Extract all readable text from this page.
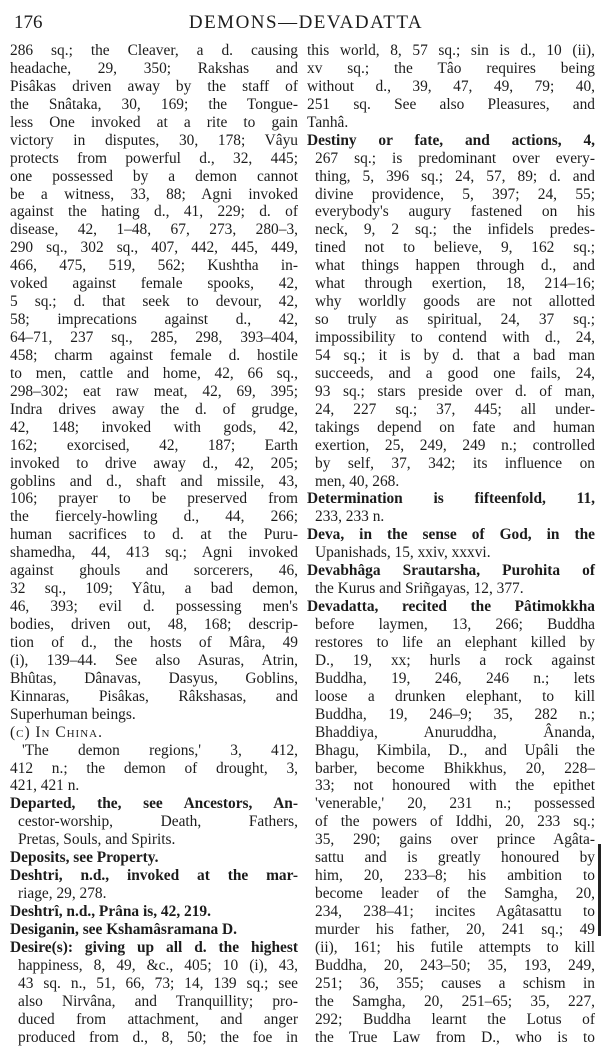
176	DEMONS—DEVADATTA
286 sq.; the Cleaver, a d. causing
headache, 29, 350; Rakshas and
Pisâkas driven away by the staff of
the Snâtaka, 30, 169; the Tongue-
less One invoked at a rite to gain
victory in disputes, 30, 178; Vâyu
protects from powerful d., 32, 445;
one possessed by a demon cannot
be a witness, 33, 88; Agni invoked
against the hating d., 41, 229; d. of
disease, 42, 1–48, 67, 273, 280–3,
290 sq., 302 sq., 407, 442, 445, 449,
466, 475, 519, 562; Kushtha in-
voked against female spooks, 42,
5 sq.; d. that seek to devour, 42,
58; imprecations against d., 42,
64–71, 237 sq., 285, 298, 393–404,
458; charm against female d. hostile
to men, cattle and home, 42, 66 sq.,
298–302; eat raw meat, 42, 69, 395;
Indra drives away the d. of grudge,
42, 148; invoked with gods, 42,
162; exorcised, 42, 187; Earth
invoked to drive away d., 42, 205;
goblins and d., shaft and missile, 43,
106; prayer to be preserved from
the fiercely-howling d., 44, 266;
human sacrifices to d. at the Puru-
shamedha, 44, 413 sq.; Agni invoked
against ghouls and sorcerers, 46,
32 sq., 109; Yâtu, a bad demon,
46, 393; evil d. possessing men's
bodies, driven out, 48, 168; descrip-
tion of d., the hosts of Mâra, 49
(i), 139–44. See also Asuras, Atrin,
Bhûtas, Dânavas, Dasyus, Goblins,
Kinnaras, Pisâkas, Râkshasas, and
Superhuman beings.
(c) In China.
'The demon regions,' 3, 412,
412 n.; the demon of drought, 3,
421, 421 n.
Departed, the, see Ancestors, An-
cestor-worship, Death, Fathers,
Pretas, Souls, and Spirits.
Deposits, see Property.
Deshtri, n.d., invoked at the mar-
riage, 29, 278.
Deshtrî, n.d., Prâna is, 42, 219.
Desiganin, see Kshamâsramana D.
Desire(s): giving up all d. the highest
happiness, 8, 49, &c., 405; 10 (i), 43,
43 sq. n., 51, 66, 73; 14, 139 sq.; see
also Nirvâna, and Tranquillity; pro-
duced from attachment, and anger
produced from d., 8, 50; the foe in
this world, 8, 57 sq.; sin is d., 10 (ii),
xv sq.; the Tâo requires being
without d., 39, 47, 49, 79; 40,
251 sq. See also Pleasures, and
Tanhâ.
Destiny or fate, and actions, 4,
267 sq.; is predominant over every-
thing, 5, 396 sq.; 24, 57, 89; d. and
divine providence, 5, 397; 24, 55;
everybody's augury fastened on his
neck, 9, 2 sq.; the infidels predes-
tined not to believe, 9, 162 sq.;
what things happen through d., and
what through exertion, 18, 214–16;
why worldly goods are not allotted
so truly as spiritual, 24, 37 sq.;
impossibility to contend with d., 24,
54 sq.; it is by d. that a bad man
succeeds, and a good one fails, 24,
93 sq.; stars preside over d. of man,
24, 227 sq.; 37, 445; all under-
takings depend on fate and human
exertion, 25, 249, 249 n.; controlled
by self, 37, 342; its influence on
men, 40, 268.
Determination is fifteenfold, 11,
233, 233 n.
Deva, in the sense of God, in the
Upanishads, 15, xxiv, xxxvi.
Devabhâga Srautarsha, Purohita of
the Kurus and Sriñgayas, 12, 377.
Devadatta, recited the Pâtimokkha
before laymen, 13, 266; Buddha
restores to life an elephant killed by
D., 19, xx; hurls a rock against
Buddha, 19, 246, 246 n.; lets
loose a drunken elephant, to kill
Buddha, 19, 246–9; 35, 282 n.;
Bhaddiya, Anuruddha, Ânanda,
Bhagu, Kimbila, D., and Upâli the
barber, become Bhikkhus, 20, 228–
33; not honoured with the epithet
'venerable,' 20, 231 n.; possessed
of the powers of Iddhi, 20, 233 sq.;
35, 290; gains over prince Agâta-
sattu and is greatly honoured by
him, 20, 233–8; his ambition to
become leader of the Samgha, 20,
234, 238–41; incites Agâtasattu to
murder his father, 20, 241 sq.; 49
(ii), 161; his futile attempts to kill
Buddha, 20, 243–50; 35, 193, 249,
251; 36, 355; causes a schism in
the Samgha, 20, 251–65; 35, 227,
292; Buddha learnt the Lotus of
the True Law from D., who is to
